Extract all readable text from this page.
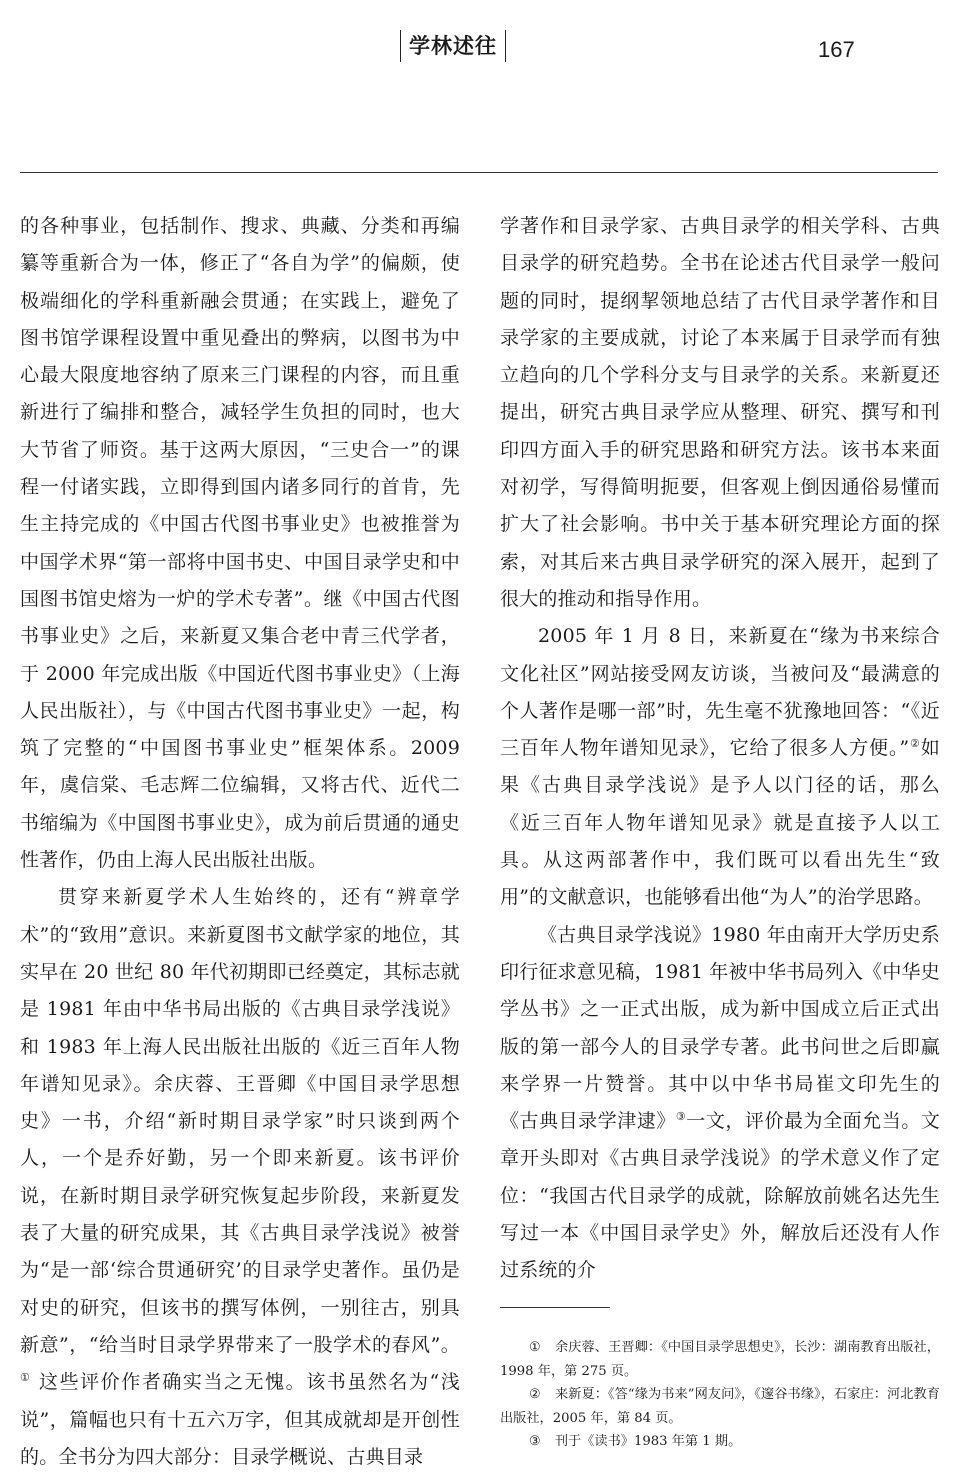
学林述往	167

的各种事业，包括制作、搜求、典藏、分类和再编纂等重新合为一体，修正了“各自为学”的偏颇，使极端细化的学科重新融会贯通；在实践上，避免了图书馆学课程设置中重见叠出的弊病，以图书为中心最大限度地容纳了原来三门课程的内容，而且重新进行了编排和整合，减轻学生负担的同时，也大大节省了师资。基于这两大原因，“三史合一”的课程一付诸实践，立即得到国内诸多同行的首肯，先生主持完成的《中国古代图书事业史》也被推誉为中国学术界“第一部将中国书史、中国目录学史和中国图书馆史熔为一炉的学术专著”。继《中国古代图书事业史》之后，来新夏又集合老中青三代学者，于 2000 年完成出版《中国近代图书事业史》（上海人民出版社），与《中国古代图书事业史》一起，构筑了完整的“中国图书事业史”框架体系。2009 年，虞信棠、毛志辉二位编辑，又将古代、近代二书缩编为《中国图书事业史》，成为前后贯通的通史性著作，仍由上海人民出版社出版。

贯穿来新夏学术人生始终的，还有“辨章学术”的“致用”意识。来新夏图书文献学家的地位，其实早在 20 世纪 80 年代初期即已经奠定，其标志就是 1981 年由中华书局出版的《古典目录学浅说》和 1983 年上海人民出版社出版的《近三百年人物年谱知见录》。余庆蓉、王晋卿《中国目录学思想史》一书，介绍“新时期目录学家”时只谈到两个人，一个是乔好勤，另一个即来新夏。该书评价说，在新时期目录学研究恢复起步阶段，来新夏发表了大量的研究成果，其《古典目录学浅说》被誉为“是一部‘综合贯通研究’的目录学史著作。虽仍是对史的研究，但该书的撰写体例，一别往古，别具新意”，“给当时目录学界带来了一股学术的春风”。① 这些评价作者确实当之无愧。该书虽然名为“浅说”，篇幅也只有十五六万字，但其成就却是开创性的。全书分为四大部分：目录学概说、古典目录

学著作和目录学家、古典目录学的相关学科、古典目录学的研究趋势。全书在论述古代目录学一般问题的同时，提纲挈领地总结了古代目录学著作和目录学家的主要成就，讨论了本来属于目录学而有独立趋向的几个学科分支与目录学的关系。来新夏还提出，研究古典目录学应从整理、研究、撰写和刊印四方面入手的研究思路和研究方法。该书本来面对初学，写得简明扼要，但客观上倒因通俗易懂而扩大了社会影响。书中关于基本研究理论方面的探索，对其后来古典目录学研究的深入展开，起到了很大的推动和指导作用。

2005 年 1 月 8 日，来新夏在“缘为书来综合文化社区”网站接受网友访谈，当被问及“最满意的个人著作是哪一部”时，先生毫不犹豫地回答：“《近三百年人物年谱知见录》，它给了很多人方便。”②如果《古典目录学浅说》是予人以门径的话，那么《近三百年人物年谱知见录》就是直接予人以工具。从这两部著作中，我们既可以看出先生“致用”的文献意识，也能够看出他“为人”的治学思路。

《古典目录学浅说》1980 年由南开大学历史系印行征求意见稿，1981 年被中华书局列入《中华史学丛书》之一正式出版，成为新中国成立后正式出版的第一部今人的目录学专著。此书问世之后即赢来学界一片赞誉。其中以中华书局崔文印先生的《古典目录学津逮》③一文，评价最为全面允当。文章开头即对《古典目录学浅说》的学术意义作了定位：“我国古代目录学的成就，除解放前姚名达先生写过一本《中国目录学史》外，解放后还没有人作过系统的介

① 余庆蓉、王晋卿：《中国目录学思想史》，长沙：湖南教育出版社，1998 年，第 275 页。

② 来新夏：《答“缘为书来”网友问》，《邃谷书缘》，石家庄：河北教育出版社，2005 年，第 84 页。

③ 刊于《读书》1983 年第 1 期。
